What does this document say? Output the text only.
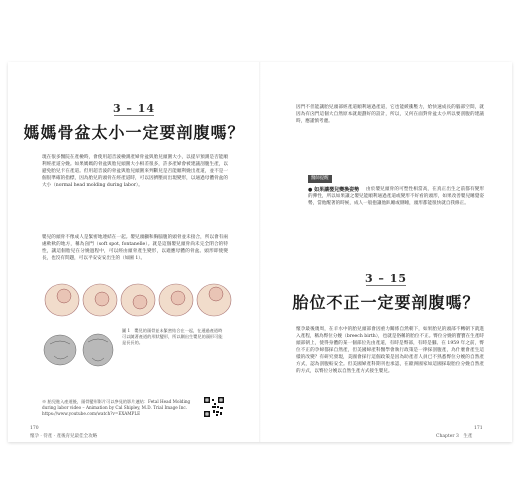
3 – 14
媽媽骨盆太小一定要剖腹嗎？

現在很多醫院在產檢時，會使用超音波檢測產婦骨盆與胎兒頭圍大小，以提早預測是否能順利經產道分娩。如果媽媽的骨盆與胎兒頭圍大小相差很多，許多產婦會被建議剖腹生產，以避免胎兒卡在產道。但用超音波的骨盆與胎兒頭圍來判斷兒是否能順利娩出產道，並不是一個很準確的指標，因為胎兒的頭骨在經產道時，可以因擠壓而出現變形，以通過母體骨盆的大小（normal head molding during labor）。

嬰兒的頭骨不像成人是緊密地連結在一起。嬰兒頭顱和胸腦腹的頭骨並未接合，所以會有兩處軟軟的地方，稱為囟門（soft spot, fontanelle）。就是這個嬰兒頭骨尚未完全閉合的特性，讓這個胎兒在分娩過程中，可以經由頭骨產生變形，以適應母體的骨盆。頭形即使變長，也沒有問題，可以平安安安出生的（如圖 1）。

圖 1　嬰兒的頭骨並未緊密結合在一起，在通過產道時可以隨著產道的形狀變形，所以剛出生嬰兒的頭形可能是長長的。

※ 胎兒進入產道後，頭骨變形影片可以參見的影片連結：Fetal Head Molding during labor video – Animation by Cal Shipley, M.D. Trial Image Inc. https://www.youtube.com/watch?v=EXAMPLE

170
懷孕 · 待產 · 產後育兒最佳全攻略

因門不但能讓胎兒頭部經產道順利通過產道，它也能緩衝壓力，給快速成長的腦部空間，就因為有囟門這個大自然原本就規劃好的設計，所以，又何在面對骨盆太小所以要剖腹的建議時，應謹慎考慮。

醫師提醒
● 如果讓嬰兒變換姿勢	由於嬰兒頭骨的可塑性相當高，在真正出生之前都有變形的彈性，所以如果讓之嬰兒能順利通過產道或變形不好看的頭形，如果改善嬰兒睡覺姿勢，當他醒著的時候，成人一般抱讓他趴睡或側睡，頭形都能很快就自我修正。

3 – 15
胎位不正一定要剖腹嗎？

懷孕最後幾周，在羊水中的胎兒頭部會因重力關係自然朝下，如果胎兒的頭部不轉朝下就進入產程，稱為臀位分娩（breech birth），也就是俗稱的胎位不正。臀位分娩的寶寶在生產時頭部朝上，使得身體的某一個部位先由產道，有時是臀部，有時是腳。在 1959 年之前，臀位不正的孕婦都採自然產，但美國婦產科醫學會執行政策是一律採剖腹產，為什麼會產生這樣的改變？有研究發現，美國會採行這個政策是因為助產者人員已不熟悉臀位分娩的自然產方式，認為剖腹較安全。但美國婦產科期刊也承認，在歐洲國家如這國採取胎位分娩自然產的方式，以臀位分娩以自然生產方式接生嬰兒。

171
Chapter 3　生產
